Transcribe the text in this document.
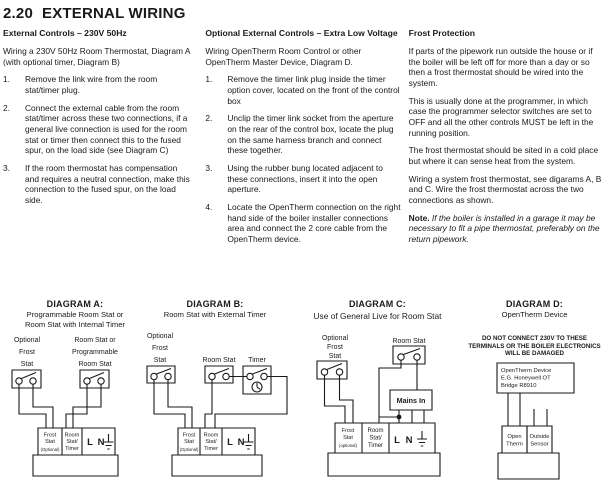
2.20 EXTERNAL WIRING
External Controls – 230V 50Hz

Wiring a 230V 50Hz Room Thermostat, Diagram A (with optional timer, Diagram B)

1.	Remove the link wire from the room stat/timer plug.
2.	Connect the external cable from the room stat/timer across these two connections, if a general live connection is used for the room stat or timer then connect this to the fused spur, on the load side (see Diagram C)
3.	If the room thermostat has compensation and requires a neutral connection, make this connection to the fused spur, on the load side.
Optional External Controls – Extra Low Voltage

Wiring OpenTherm Room Control or other OpenTherm Master Device, Diagram D.

1.	Remove the timer link plug inside the timer option cover, located on the front of the control box
2.	Unclip the timer link socket from the aperture on the rear of the control box, locate the plug on the same harness branch and connect these together.
3.	Using the rubber bung located adjacent to these connections, insert it into the open aperture.
4.	Locate the OpenTherm connection on the right hand side of the boiler installer connections area and connect the 2 core cable from the OpenTherm device.
Frost Protection

If parts of the pipework run outside the house or if the boiler will be left off for more than a day or so then a frost thermostat should be wired into the system.

This is usually done at the programmer, in which case the programmer selector switches are set to OFF and all the other controls MUST be left in the running position.

The frost thermostat should be sited in a cold place but where it can sense heat from the system.

Wiring a system frost thermostat, see digarams A, B and C. Wire the frost thermostat across the two connections as shown.

Note. If the boiler is installed in a garage it may be necessary to fit a pipe thermostat, preferably on the return pipework.

DIAGRAM A:
Programmable Room Stat or
Room Stat with Internal Timer
Optional
Frost
Stat
Room Stat or
Programmable
Room Stat
Frost
Stat
(Optional)
Room
Stat/
Timer
L N
DIAGRAM B:
Room Stat with External Timer
Optional
Frost
Stat	Room Stat Timer
Frost
Stat
(Optional)
Room
Stat/
Timer
L N
DIAGRAM C:
Use of General Live for Room Stat
Optional
Frost
Stat
Room Stat
Mains In
Frost
Stat
(optional)
Room
Stat/
Timer L N
DIAGRAM D:
OpenTherm Device
DO NOT CONNECT 230V TO THESE
TERMINALS OR THE BOILER ELECTRONICS
WILL BE DAMAGED
OpenTherm Device
E.G. Honeywell OT
Bridge R8910
Open
Therm
Outside
Sensor
